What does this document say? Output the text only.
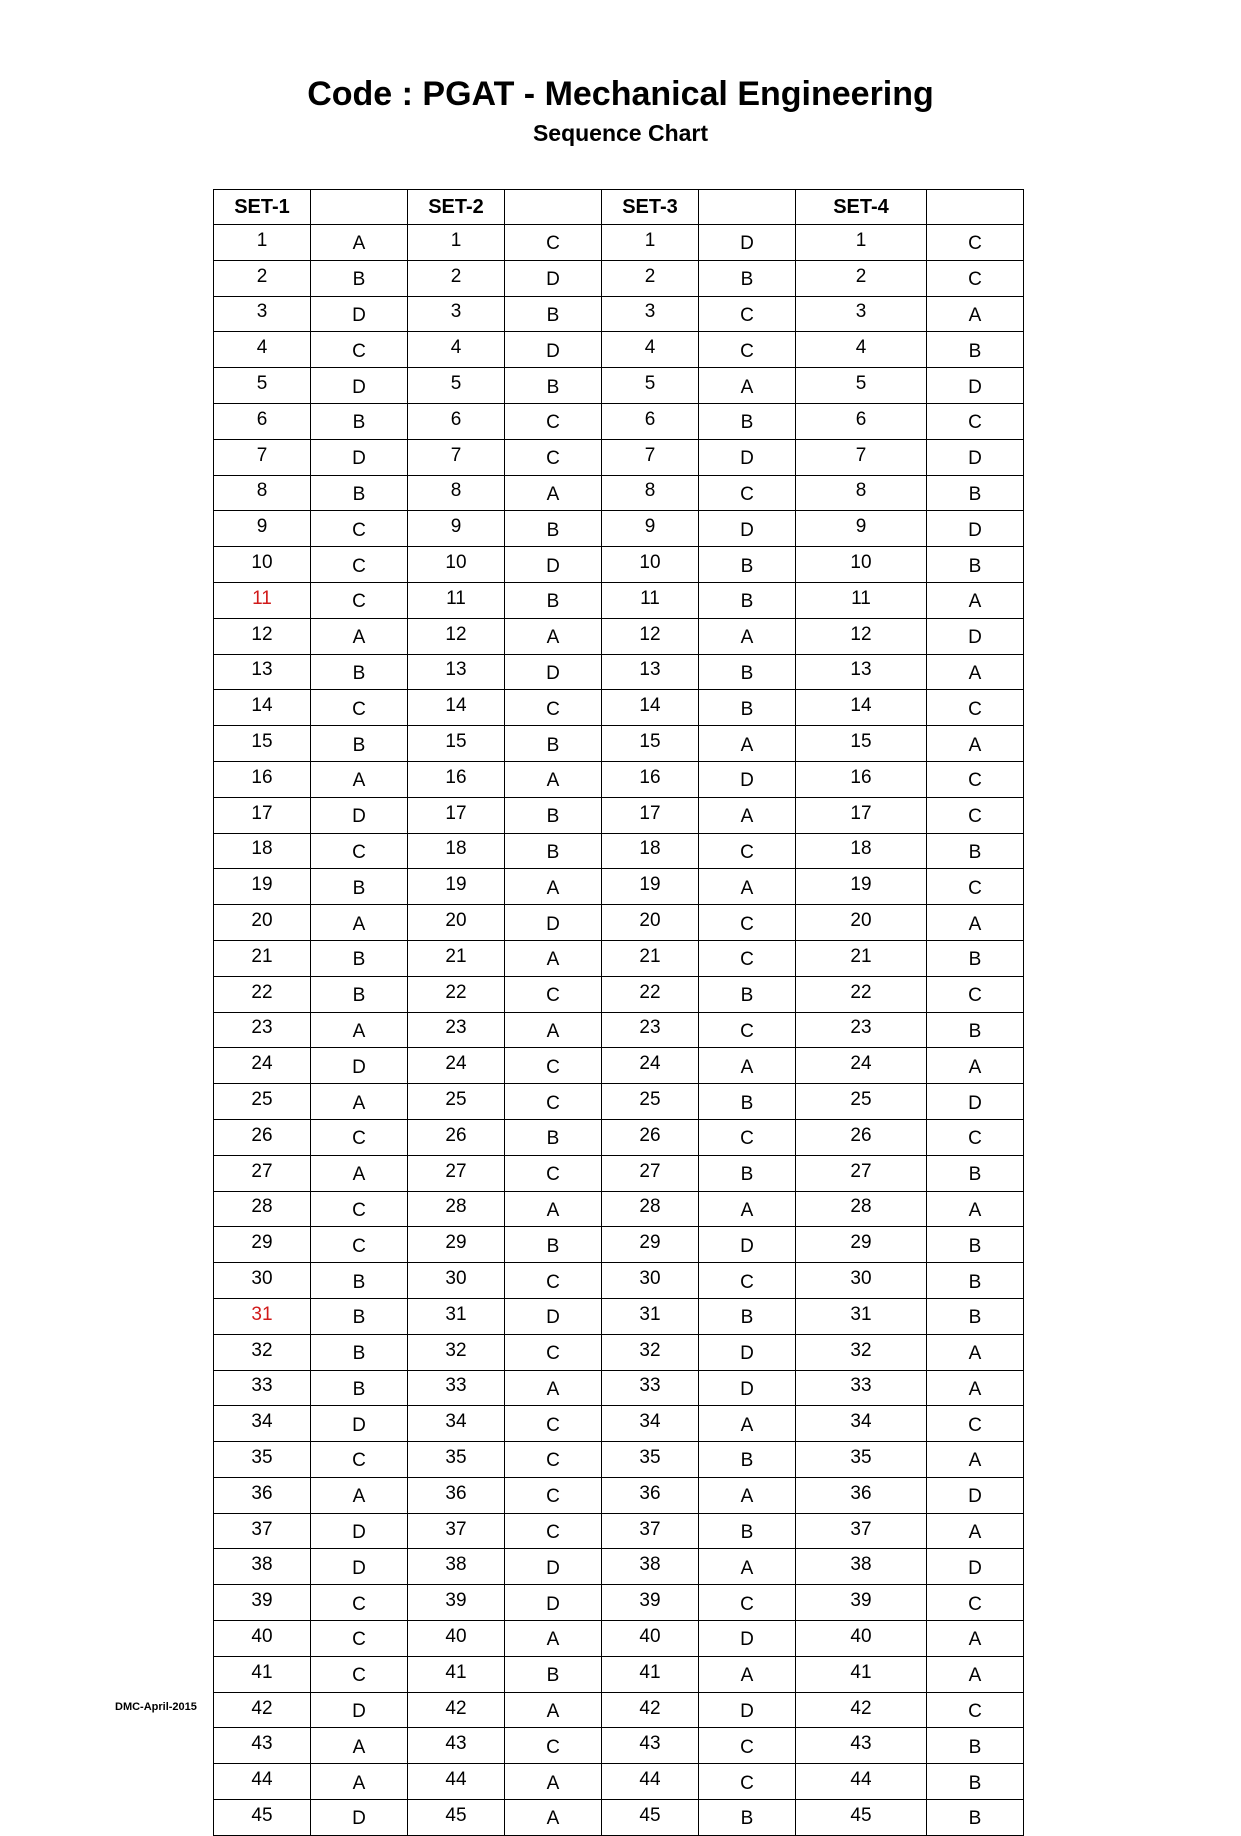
Code : PGAT - Mechanical Engineering
Sequence Chart
SET-1		SET-2		SET-3		SET-4	
1	A	1	C	1	D	1	C
2	B	2	D	2	B	2	C
3	D	3	B	3	C	3	A
4	C	4	D	4	C	4	B
5	D	5	B	5	A	5	D
6	B	6	C	6	B	6	C
7	D	7	C	7	D	7	D
8	B	8	A	8	C	8	B
9	C	9	B	9	D	9	D
10	C	10	D	10	B	10	B
11	C	11	B	11	B	11	A
12	A	12	A	12	A	12	D
13	B	13	D	13	B	13	A
14	C	14	C	14	B	14	C
15	B	15	B	15	A	15	A
16	A	16	A	16	D	16	C
17	D	17	B	17	A	17	C
18	C	18	B	18	C	18	B
19	B	19	A	19	A	19	C
20	A	20	D	20	C	20	A
21	B	21	A	21	C	21	B
22	B	22	C	22	B	22	C
23	A	23	A	23	C	23	B
24	D	24	C	24	A	24	A
25	A	25	C	25	B	25	D
26	C	26	B	26	C	26	C
27	A	27	C	27	B	27	B
28	C	28	A	28	A	28	A
29	C	29	B	29	D	29	B
30	B	30	C	30	C	30	B
31	B	31	D	31	B	31	B
32	B	32	C	32	D	32	A
33	B	33	A	33	D	33	A
34	D	34	C	34	A	34	C
35	C	35	C	35	B	35	A
36	A	36	C	36	A	36	D
37	D	37	C	37	B	37	A
38	D	38	D	38	A	38	D
39	C	39	D	39	C	39	C
40	C	40	A	40	D	40	A
41	C	41	B	41	A	41	A
42	D	42	A	42	D	42	C
43	A	43	C	43	C	43	B
44	A	44	A	44	C	44	B
45	D	45	A	45	B	45	B
DMC-April-2015
